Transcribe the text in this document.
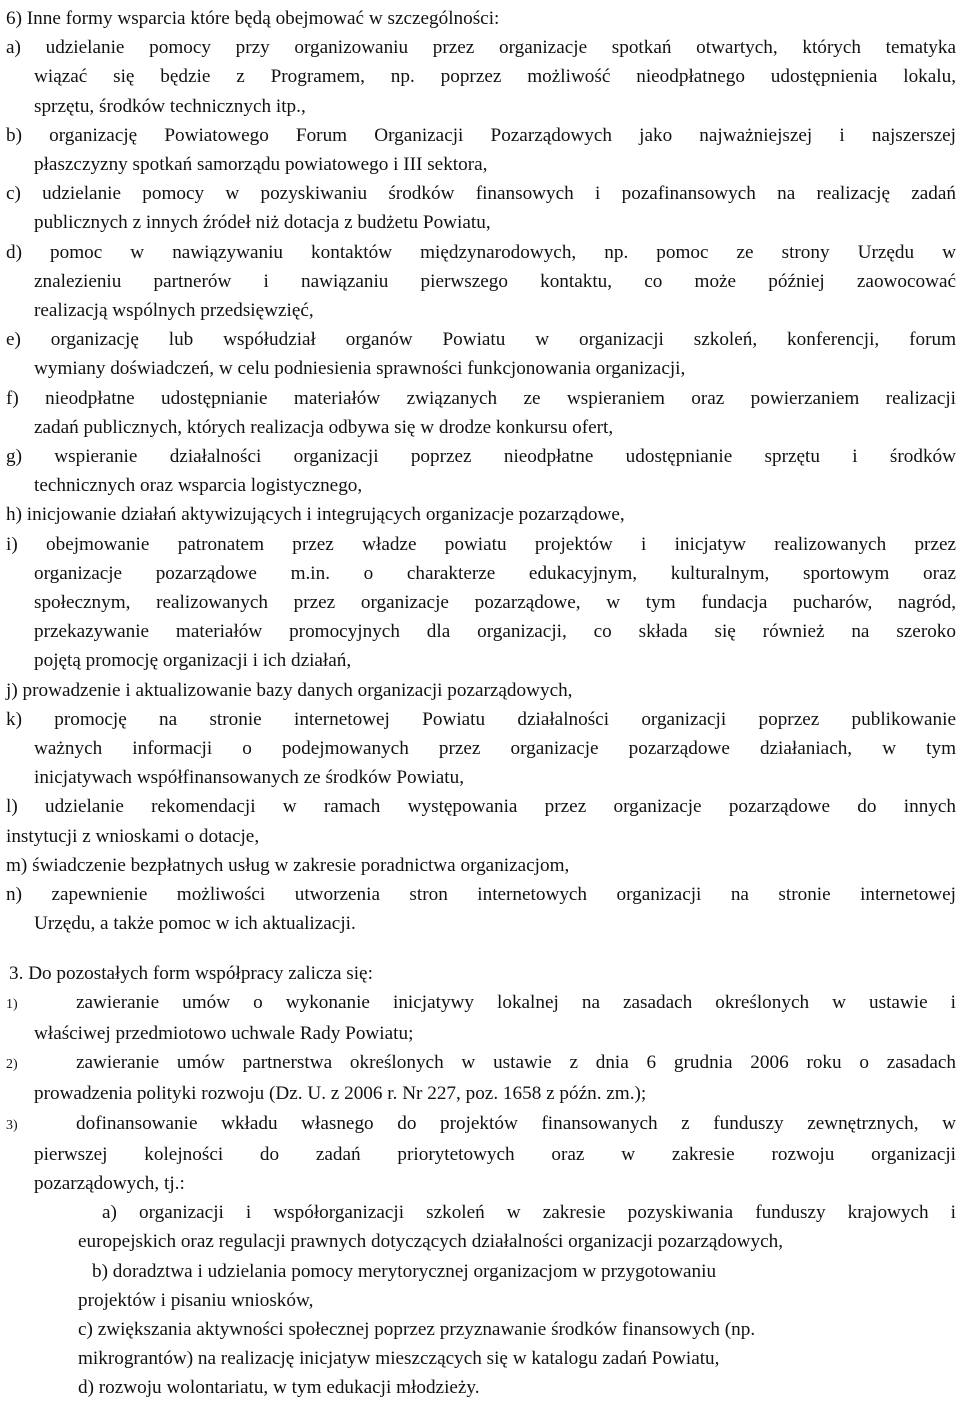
6) Inne formy wsparcia które będą obejmować w szczególności:
a) udzielanie pomocy przy organizowaniu przez organizacje spotkań otwartych, których tematyka
wiązać się będzie z Programem, np. poprzez możliwość nieodpłatnego udostępnienia lokalu,
sprzętu, środków technicznych itp.,
b) organizację Powiatowego Forum Organizacji Pozarządowych jako najważniejszej i najszerszej
płaszczyzny spotkań samorządu powiatowego i III sektora,
c) udzielanie pomocy w pozyskiwaniu środków finansowych i pozafinansowych na realizację zadań
publicznych z innych źródeł niż dotacja z budżetu Powiatu,
d) pomoc w nawiązywaniu kontaktów międzynarodowych, np. pomoc ze strony Urzędu w
znalezieniu partnerów i nawiązaniu pierwszego kontaktu, co może później zaowocować
realizacją wspólnych przedsięwzięć,
e) organizację lub współudział organów Powiatu w organizacji szkoleń, konferencji, forum
wymiany doświadczeń, w celu podniesienia sprawności funkcjonowania organizacji,
f) nieodpłatne udostępnianie materiałów związanych ze wspieraniem oraz powierzaniem realizacji
zadań publicznych, których realizacja odbywa się w drodze konkursu ofert,
g) wspieranie działalności organizacji poprzez nieodpłatne udostępnianie sprzętu i środków
technicznych oraz wsparcia logistycznego,
h) inicjowanie działań aktywizujących i integrujących organizacje pozarządowe,
i) obejmowanie patronatem przez władze powiatu projektów i inicjatyw realizowanych przez
organizacje pozarządowe m.in. o charakterze edukacyjnym, kulturalnym, sportowym oraz
społecznym, realizowanych przez organizacje pozarządowe, w tym fundacja pucharów, nagród,
przekazywanie materiałów promocyjnych dla organizacji, co składa się również na szeroko
pojętą promocję organizacji i ich działań,
j) prowadzenie i aktualizowanie bazy danych organizacji pozarządowych,
k) promocję na stronie internetowej Powiatu działalności organizacji poprzez publikowanie
ważnych informacji o podejmowanych przez organizacje pozarządowe działaniach, w tym
inicjatywach współfinansowanych ze środków Powiatu,
l) udzielanie rekomendacji w ramach występowania przez organizacje pozarządowe do innych
instytucji z wnioskami o dotacje,
m) świadczenie bezpłatnych usług w zakresie poradnictwa organizacjom,
n) zapewnienie możliwości utworzenia stron internetowych organizacji na stronie internetowej
Urzędu, a także pomoc w ich aktualizacji.
3. Do pozostałych form współpracy zalicza się:
1)	zawieranie umów o wykonanie inicjatywy lokalnej na zasadach określonych w ustawie i
właściwej przedmiotowo uchwale Rady Powiatu;
2)	zawieranie umów partnerstwa określonych w ustawie z dnia 6 grudnia 2006 roku o zasadach
prowadzenia polityki rozwoju (Dz. U. z 2006 r. Nr 227, poz. 1658 z późn. zm.);
3)	dofinansowanie wkładu własnego do projektów finansowanych z funduszy zewnętrznych, w
pierwszej kolejności do zadań priorytetowych oraz w zakresie rozwoju organizacji
pozarządowych, tj.:
a) organizacji i współorganizacji szkoleń w zakresie pozyskiwania funduszy krajowych i
europejskich oraz regulacji prawnych dotyczących działalności organizacji pozarządowych,
b) doradztwa i udzielania pomocy merytorycznej organizacjom w przygotowaniu
projektów i pisaniu wniosków,
c) zwiększania aktywności społecznej poprzez przyznawanie środków finansowych (np.
mikrograntów) na realizację inicjatyw mieszczących się w katalogu zadań Powiatu,
d) rozwoju wolontariatu, w tym edukacji młodzieży.
